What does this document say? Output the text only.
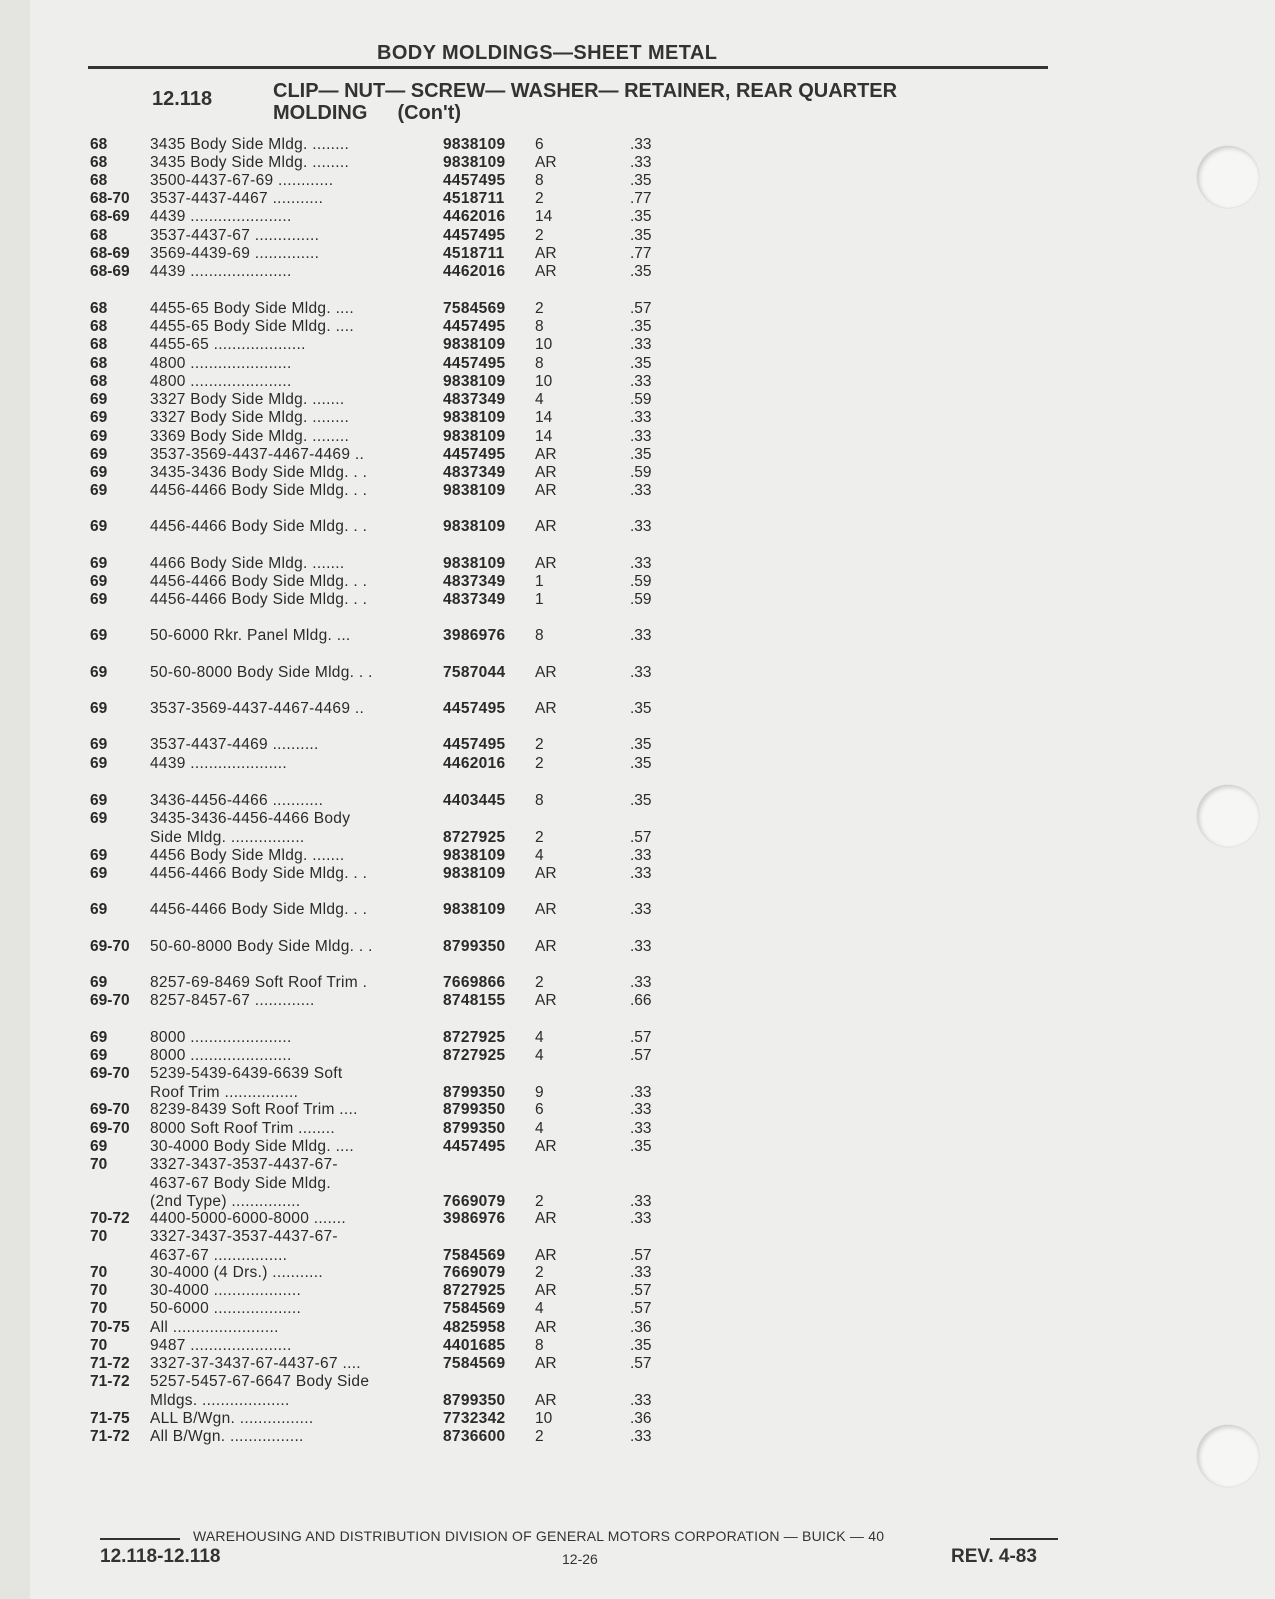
BODY MOLDINGS—SHEET METAL
12.118	CLIP— NUT— SCREW— WASHER— RETAINER, REAR QUARTER
MOLDING (Con't)
68	3435 Body Side Mldg. ........	9838109 6	.33
68	3435 Body Side Mldg. ........	9838109 AR	.33
68	3500-4437-67-69 ............	4457495 8	.35
68-70 3537-4437-4467 ...........	4518711 2	.77
68-69 4439 ......................	4462016 14	.35
68	3537-4437-67 ..............	4457495 2	.35
68-69 3569-4439-69 ..............	4518711 AR	.77
68-69 4439 ......................	4462016 AR	.35
68	4455-65 Body Side Mldg. ....	7584569 2	.57
68	4455-65 Body Side Mldg. ....	4457495 8	.35
68	4455-65 ....................	9838109 10	.33
68	4800 ......................	4457495 8	.35
68	4800 ......................	9838109 10	.33
69	3327 Body Side Mldg. .......	4837349 4	.59
69	3327 Body Side Mldg. ........	9838109 14	.33
69	3369 Body Side Mldg. ........	9838109 14	.33
69	3537-3569-4437-4467-4469 ..	4457495 AR	.35
69	3435-3436 Body Side Mldg. . .	4837349 AR	.59
69	4456-4466 Body Side Mldg. . .	9838109 AR	.33
69	4456-4466 Body Side Mldg. . .	9838109 AR	.33
69	4466 Body Side Mldg. .......	9838109 AR	.33
69	4456-4466 Body Side Mldg. . .	4837349 1	.59
69	4456-4466 Body Side Mldg. . .	4837349 1	.59
69	50-6000 Rkr. Panel Mldg. ...	3986976 8	.33
69	50-60-8000 Body Side Mldg. . .	7587044 AR	.33
69	3537-3569-4437-4467-4469 ..	4457495 AR	.35
69	3537-4437-4469 ..........	4457495 2	.35
69	4439 .....................	4462016 2	.35
69	3436-4456-4466 ...........	4403445 8	.35
69	3435-3436-4456-4466 Body
Side Mldg. ................	8727925 2	.57
69	4456 Body Side Mldg. .......	9838109 4	.33
69	4456-4466 Body Side Mldg. . .	9838109 AR	.33
69	4456-4466 Body Side Mldg. . .	9838109 AR	.33
69-70 50-60-8000 Body Side Mldg. . .	8799350 AR	.33
69	8257-69-8469 Soft Roof Trim .	7669866 2	.33
69-70 8257-8457-67 .............	8748155 AR	.66
69	8000 ......................	8727925 4	.57
69	8000 ......................	8727925 4	.57
69-70 5239-5439-6439-6639 Soft
Roof Trim ................	8799350 9	.33
69-70 8239-8439 Soft Roof Trim ....	8799350 6	.33
69-70 8000 Soft Roof Trim ........	8799350 4	.33
69	30-4000 Body Side Mldg. ....	4457495 AR	.35
70	3327-3437-3537-4437-67-
4637-67 Body Side Mldg.
(2nd Type) ...............	7669079 2	.33
70-72 4400-5000-6000-8000 .......	3986976 AR	.33
70	3327-3437-3537-4437-67-
4637-67 ................	7584569 AR	.57
70	30-4000 (4 Drs.) ...........	7669079 2	.33
70	30-4000 ...................	8727925 AR	.57
70	50-6000 ...................	7584569 4	.57
70-75 All .......................	4825958 AR	.36
70	9487 ......................	4401685 8	.35
71-72 3327-37-3437-67-4437-67 ....	7584569 AR	.57
71-72 5257-5457-67-6647 Body Side
Mldgs. ...................	8799350 AR	.33
71-75 ALL B/Wgn. ................	7732342 10	.36
71-72 All B/Wgn. ................	8736600 2	.33
WAREHOUSING AND DISTRIBUTION DIVISION OF GENERAL MOTORS CORPORATION — BUICK — 40
12.118-12.118	12-26	REV. 4-83
